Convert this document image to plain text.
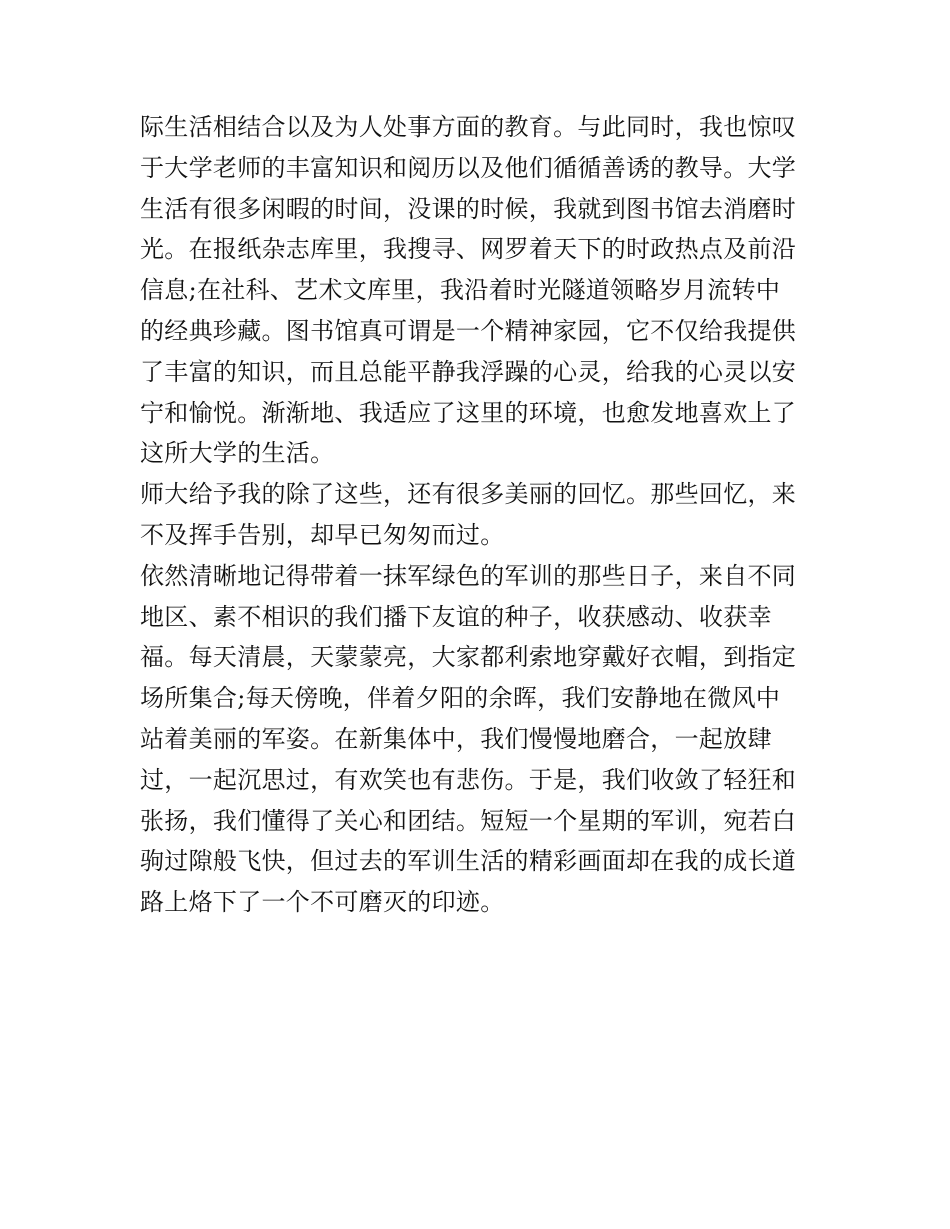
际生活相结合以及为人处事方面的教育。与此同时，我也惊叹
于大学老师的丰富知识和阅历以及他们循循善诱的教导。大学
生活有很多闲暇的时间，没课的时候，我就到图书馆去消磨时
光。在报纸杂志库里，我搜寻、网罗着天下的时政热点及前沿
信息;在社科、艺术文库里，我沿着时光隧道领略岁月流转中
的经典珍藏。图书馆真可谓是一个精神家园，它不仅给我提供
了丰富的知识，而且总能平静我浮躁的心灵，给我的心灵以安
宁和愉悦。渐渐地、我适应了这里的环境，也愈发地喜欢上了
这所大学的生活。
师大给予我的除了这些，还有很多美丽的回忆。那些回忆，来
不及挥手告别，却早已匆匆而过。
依然清晰地记得带着一抹军绿色的军训的那些日子，来自不同
地区、素不相识的我们播下友谊的种子，收获感动、收获幸
福。每天清晨，天蒙蒙亮，大家都利索地穿戴好衣帽，到指定
场所集合;每天傍晚，伴着夕阳的余晖，我们安静地在微风中
站着美丽的军姿。在新集体中，我们慢慢地磨合，一起放肆
过，一起沉思过，有欢笑也有悲伤。于是，我们收敛了轻狂和
张扬，我们懂得了关心和团结。短短一个星期的军训，宛若白
驹过隙般飞快，但过去的军训生活的精彩画面却在我的成长道
路上烙下了一个不可磨灭的印迹。
